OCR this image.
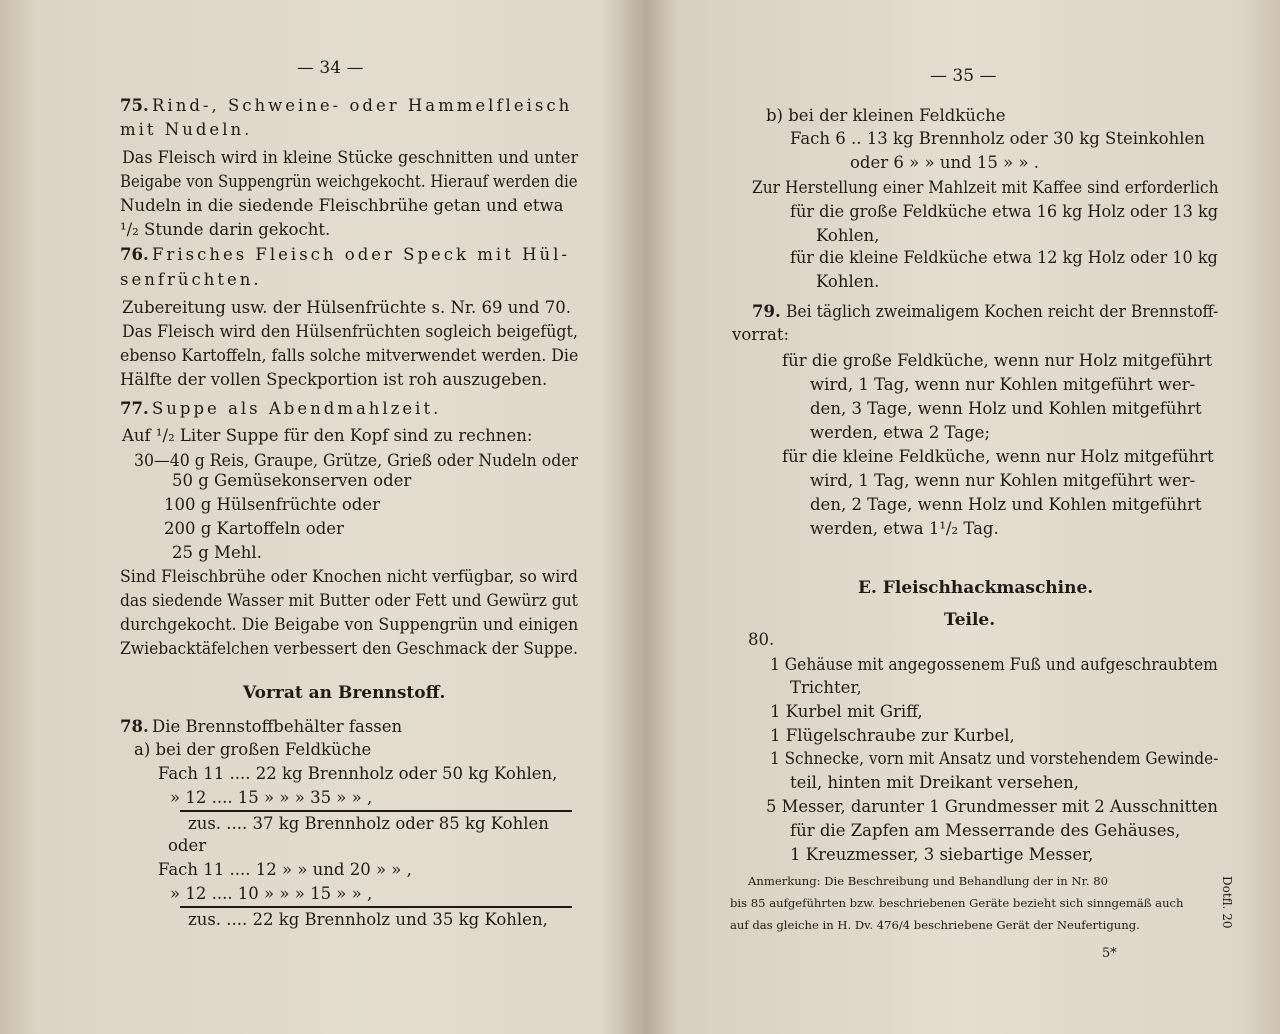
— 34 —
75. Rind-, Schweine- oder Hammelfleisch
mit Nudeln.
Das Fleisch wird in kleine Stücke geschnitten und unter
Beigabe von Suppengrün weichgekocht. Hierauf werden die
Nudeln in die siedende Fleischbrühe getan und etwa
¹/₂ Stunde darin gekocht.
76. Frisches Fleisch oder Speck mit Hül-
senfrüchten.
Zubereitung usw. der Hülsenfrüchte s. Nr. 69 und 70.
Das Fleisch wird den Hülsenfrüchten sogleich beigefügt,
ebenso Kartoffeln, falls solche mitverwendet werden. Die
Hälfte der vollen Speckportion ist roh auszugeben.
77. Suppe als Abendmahlzeit.
Auf ¹/₂ Liter Suppe für den Kopf sind zu rechnen:
30—40 g Reis, Graupe, Grütze, Grieß oder Nudeln oder
50 g Gemüsekonserven oder
100 g Hülsenfrüchte oder
200 g Kartoffeln oder
25 g Mehl.
Sind Fleischbrühe oder Knochen nicht verfügbar, so wird
das siedende Wasser mit Butter oder Fett und Gewürz gut
durchgekocht. Die Beigabe von Suppengrün und einigen
Zwiebacktäfelchen verbessert den Geschmack der Suppe.
Vorrat an Brennstoff.
78. Die Brennstoffbehälter fassen
a) bei der großen Feldküche
Fach 11 .... 22 kg Brennholz oder 50 kg Kohlen,
» 12 .... 15 » » » 35 » » ,
zus. .... 37 kg Brennholz oder 85 kg Kohlen
oder
Fach 11 .... 12 » » und 20 » » ,
» 12 .... 10 » » » 15 » » ,
zus. .... 22 kg Brennholz und 35 kg Kohlen,
— 35 —
b) bei der kleinen Feldküche
Fach 6 .. 13 kg Brennholz oder 30 kg Steinkohlen
oder 6 » » und 15 » » .
Zur Herstellung einer Mahlzeit mit Kaffee sind erforderlich
für die große Feldküche etwa 16 kg Holz oder 13 kg
Kohlen,
für die kleine Feldküche etwa 12 kg Holz oder 10 kg
Kohlen.
79. Bei täglich zweimaligem Kochen reicht der Brennstoff-
vorrat:
für die große Feldküche, wenn nur Holz mitgeführt
wird, 1 Tag, wenn nur Kohlen mitgeführt wer-
den, 3 Tage, wenn Holz und Kohlen mitgeführt
werden, etwa 2 Tage;
für die kleine Feldküche, wenn nur Holz mitgeführt
wird, 1 Tag, wenn nur Kohlen mitgeführt wer-
den, 2 Tage, wenn Holz und Kohlen mitgeführt
werden, etwa 1¹/₂ Tag.
E. Fleischhackmaschine.
Teile.
80.
1 Gehäuse mit angegossenem Fuß und aufgeschraubtem
Trichter,
1 Kurbel mit Griff,
1 Flügelschraube zur Kurbel,
1 Schnecke, vorn mit Ansatz und vorstehendem Gewinde-
teil, hinten mit Dreikant versehen,
5 Messer, darunter 1 Grundmesser mit 2 Ausschnitten
für die Zapfen am Messerrande des Gehäuses,
1 Kreuzmesser, 3 siebartige Messer,
Anmerkung: Die Beschreibung und Behandlung der in Nr. 80
bis 85 aufgeführten bzw. beschriebenen Geräte bezieht sich sinngemäß auch
auf das gleiche in H. Dv. 476/4 beschriebene Gerät der Neufertigung.
5*
Dotfl. 20
